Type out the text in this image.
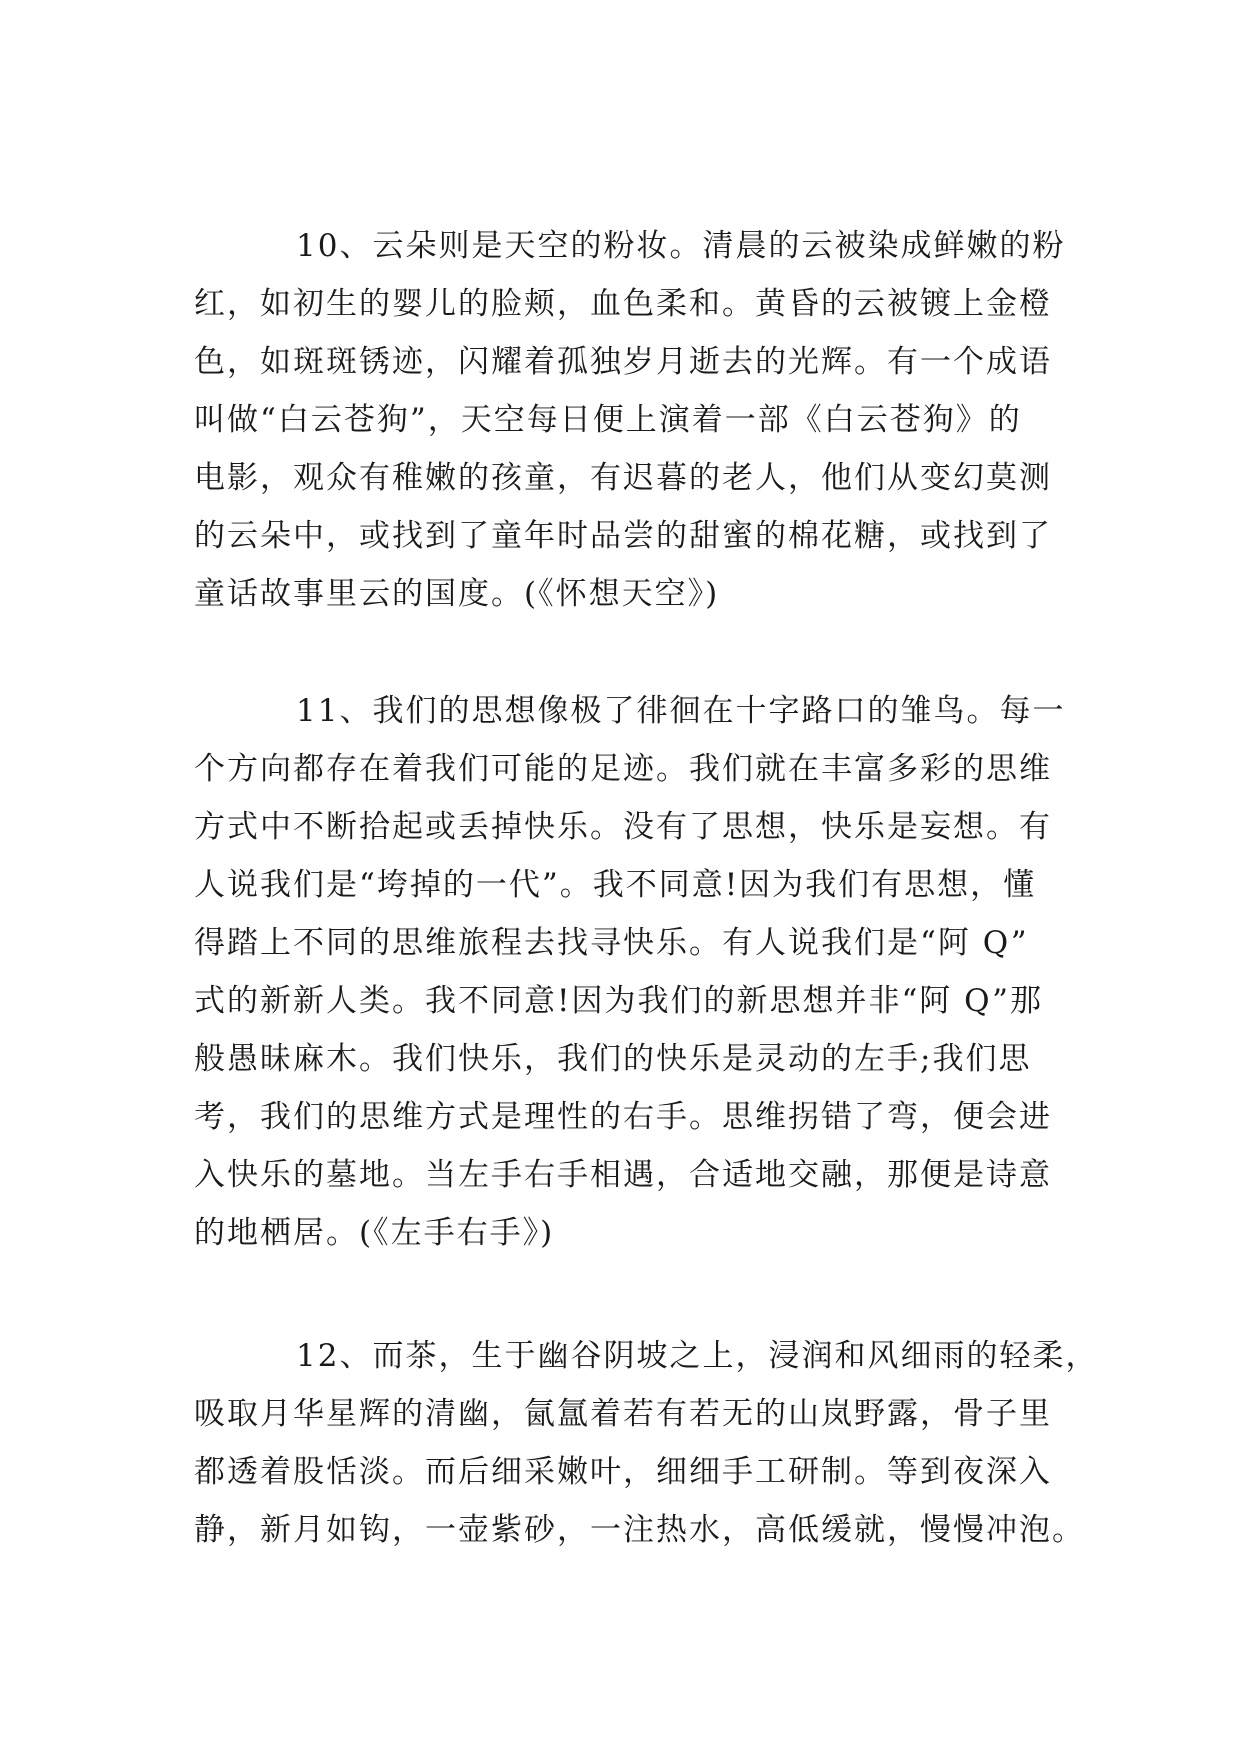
10、云朵则是天空的粉妆。清晨的云被染成鲜嫩的粉
红，如初生的婴儿的脸颊，血色柔和。黄昏的云被镀上金橙
色，如斑斑锈迹，闪耀着孤独岁月逝去的光辉。有一个成语
叫做“白云苍狗”，天空每日便上演着一部《白云苍狗》的
电影，观众有稚嫩的孩童，有迟暮的老人，他们从变幻莫测
的云朵中，或找到了童年时品尝的甜蜜的棉花糖，或找到了
童话故事里云的国度。(《怀想天空》)
11、我们的思想像极了徘徊在十字路口的雏鸟。每一
个方向都存在着我们可能的足迹。我们就在丰富多彩的思维
方式中不断拾起或丢掉快乐。没有了思想，快乐是妄想。有
人说我们是“垮掉的一代”。我不同意!因为我们有思想，懂
得踏上不同的思维旅程去找寻快乐。有人说我们是“阿 Q”
式的新新人类。我不同意!因为我们的新思想并非“阿 Q”那
般愚昧麻木。我们快乐，我们的快乐是灵动的左手;我们思
考，我们的思维方式是理性的右手。思维拐错了弯，便会进
入快乐的墓地。当左手右手相遇，合适地交融，那便是诗意
的地栖居。(《左手右手》)
12、而茶，生于幽谷阴坡之上，浸润和风细雨的轻柔，
吸取月华星辉的清幽，氤氲着若有若无的山岚野露，骨子里
都透着股恬淡。而后细采嫩叶，细细手工研制。等到夜深入
静，新月如钩，一壶紫砂，一注热水，高低缓就，慢慢冲泡。
